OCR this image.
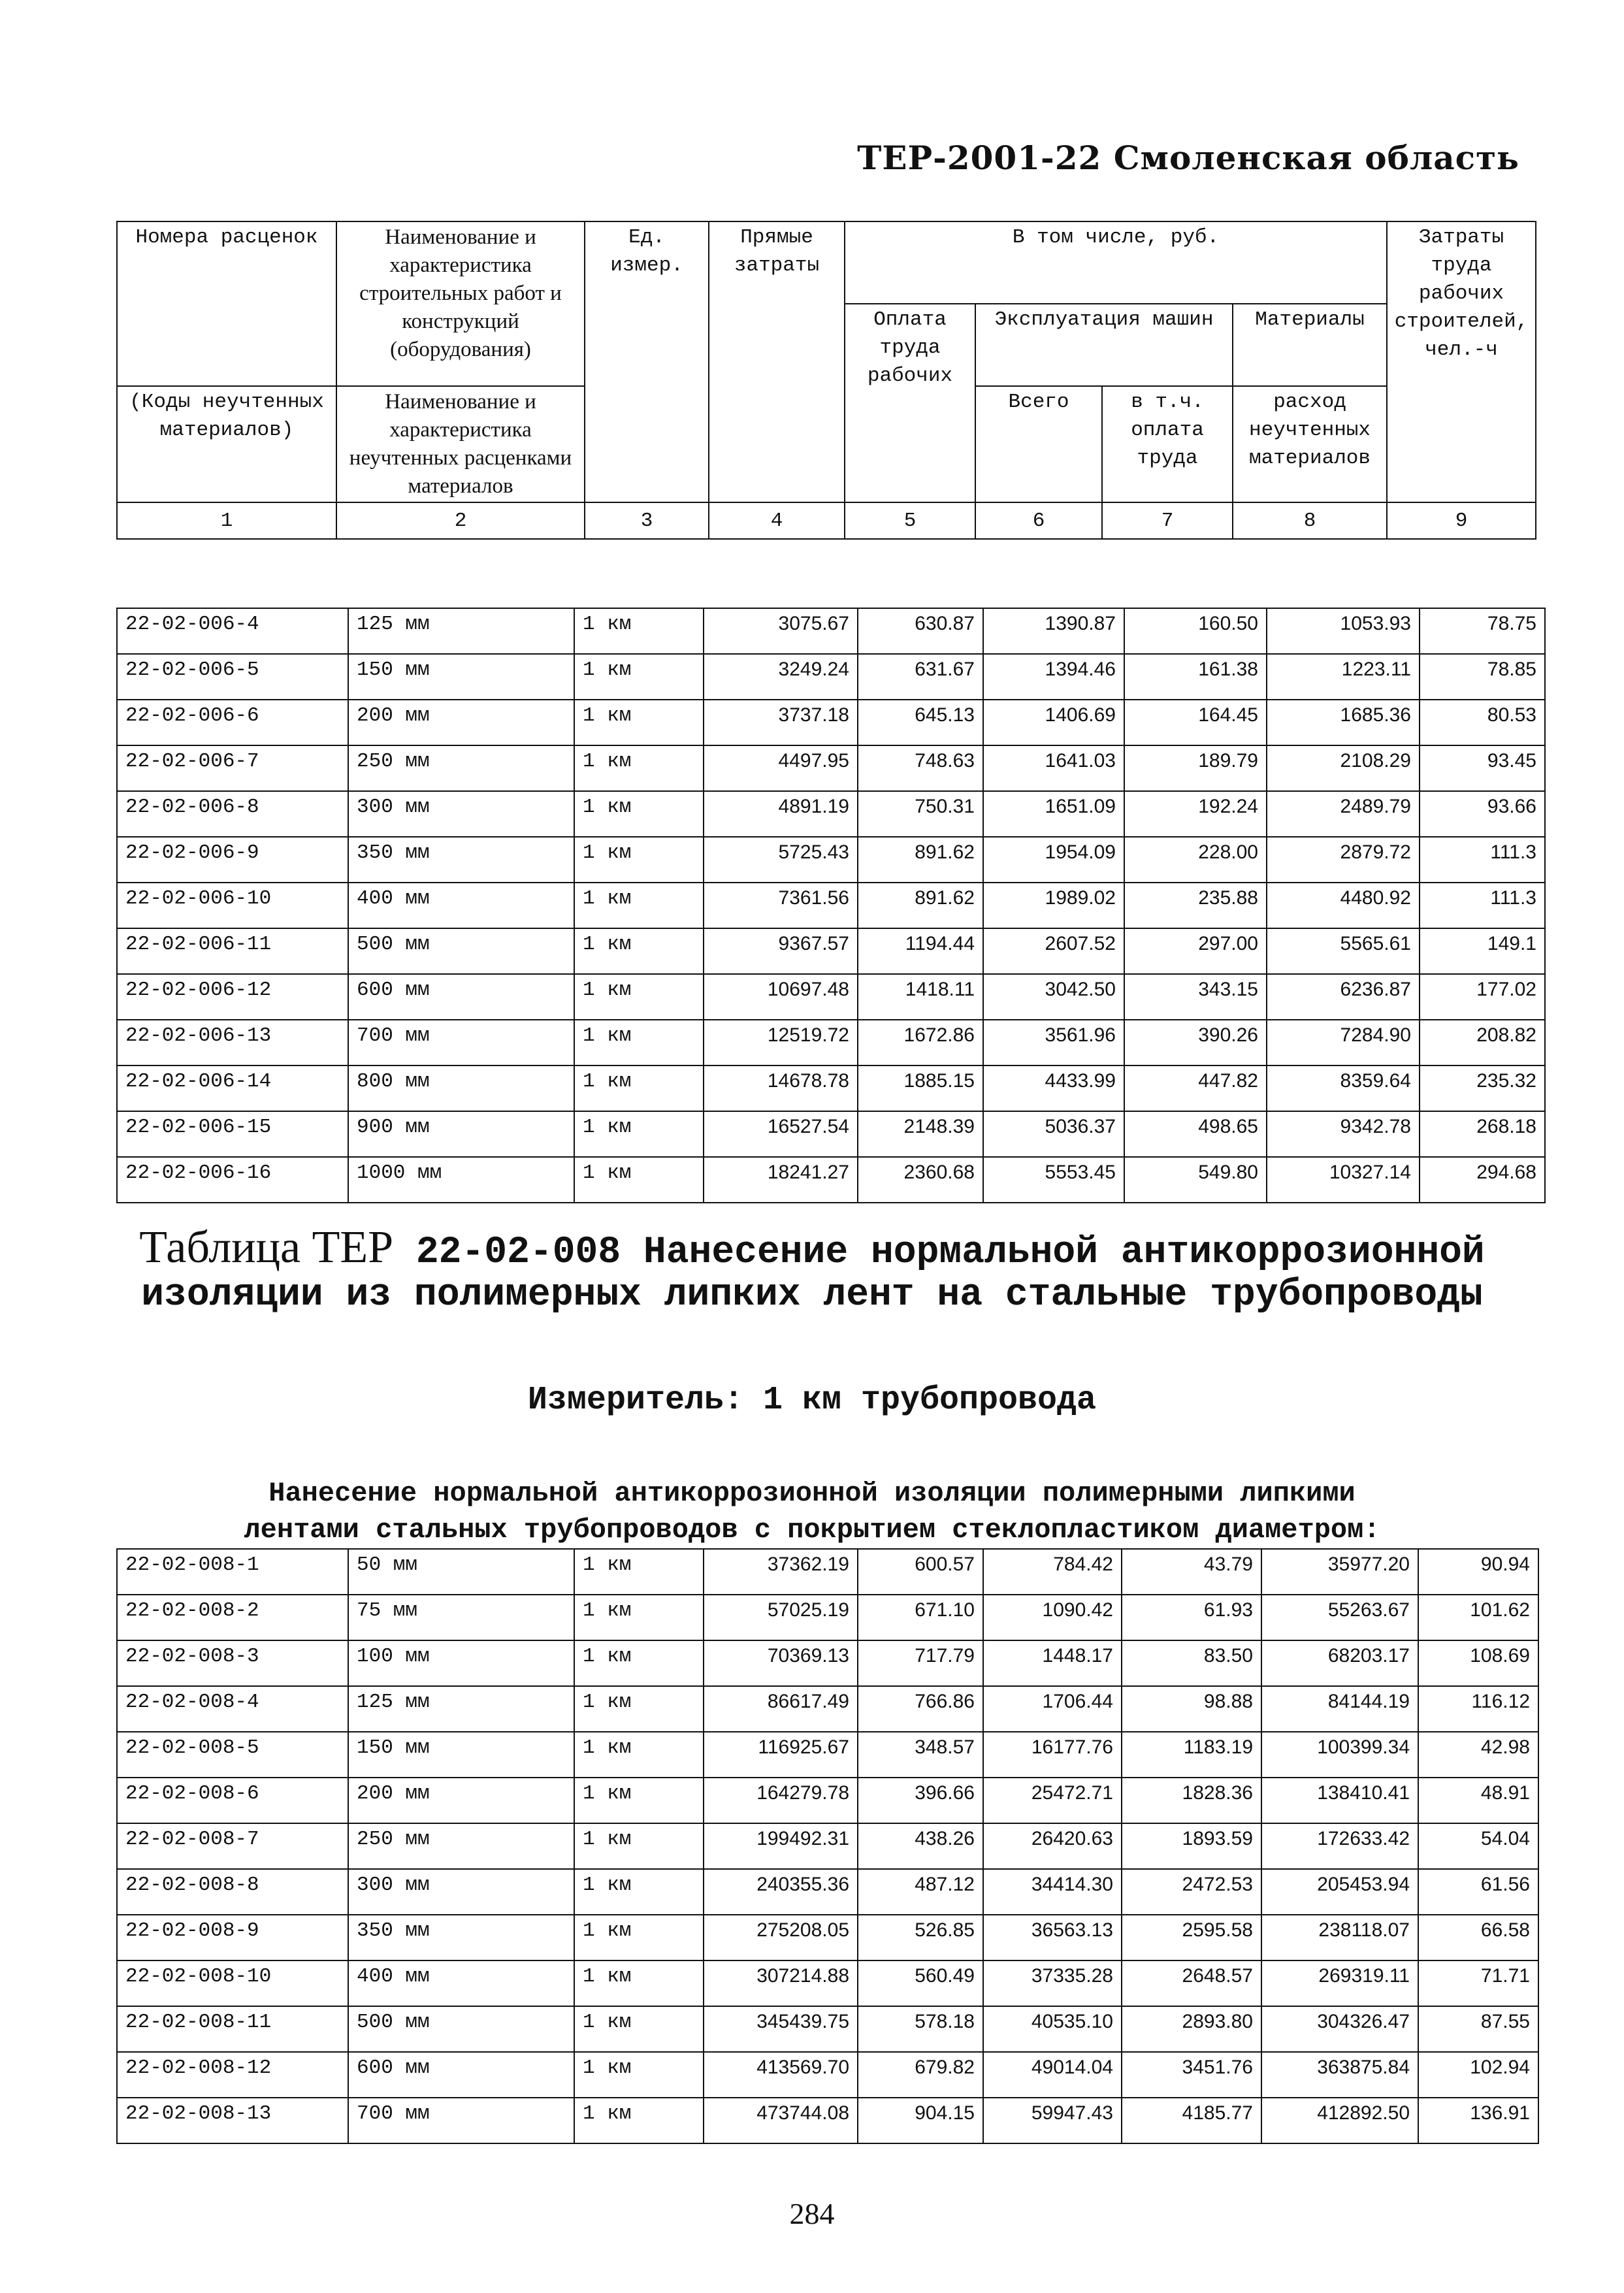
ТЕР-2001-22 Смоленская область
Номера расценок	Наименование и характеристика строительных работ и конструкций (оборудования)	Ед. измер.	Прямые затраты	В том числе, руб.				Затраты труда рабочих строителей, чел.-ч	
				Оплата труда рабочих	Эксплуатация машин		Материалы		
(Коды неучтенных материалов)	Наименование и характеристика неучтенных расценками материалов				Всего	в т.ч. оплата труда	расход неучтенных материалов		

1	2	3	4	5	6	7	8	9	
22-02-006-4	125 мм	1 км	3075.67	630.87	1390.87	160.50	1053.93	78.75
22-02-006-5	150 мм	1 км	3249.24	631.67	1394.46	161.38	1223.11	78.85
22-02-006-6	200 мм	1 км	3737.18	645.13	1406.69	164.45	1685.36	80.53
22-02-006-7	250 мм	1 км	4497.95	748.63	1641.03	189.79	2108.29	93.45
22-02-006-8	300 мм	1 км	4891.19	750.31	1651.09	192.24	2489.79	93.66
22-02-006-9	350 мм	1 км	5725.43	891.62	1954.09	228.00	2879.72	111.3
22-02-006-10	400 мм	1 км	7361.56	891.62	1989.02	235.88	4480.92	111.3
22-02-006-11	500 мм	1 км	9367.57	1194.44	2607.52	297.00	5565.61	149.1
22-02-006-12	600 мм	1 км	10697.48	1418.11	3042.50	343.15	6236.87	177.02
22-02-006-13	700 мм	1 км	12519.72	1672.86	3561.96	390.26	7284.90	208.82
22-02-006-14	800 мм	1 км	14678.78	1885.15	4433.99	447.82	8359.64	235.32
22-02-006-15	900 мм	1 км	16527.54	2148.39	5036.37	498.65	9342.78	268.18
22-02-006-16	1000 мм	1 км	18241.27	2360.68	5553.45	549.80	10327.14	294.68
Таблица ТЕР 22-02-008 Нанесение нормальной антикоррозионной
изоляции из полимерных липких лент на стальные трубопроводы
Измеритель: 1 км трубопровода
Нанесение нормальной антикоррозионной изоляции полимерными липкими
лентами стальных трубопроводов с покрытием стеклопластиком диаметром:
22-02-008-1	50 мм	1 км	37362.19	600.57	784.42	43.79	35977.20	90.94
22-02-008-2	75 мм	1 км	57025.19	671.10	1090.42	61.93	55263.67	101.62
22-02-008-3	100 мм	1 км	70369.13	717.79	1448.17	83.50	68203.17	108.69
22-02-008-4	125 мм	1 км	86617.49	766.86	1706.44	98.88	84144.19	116.12
22-02-008-5	150 мм	1 км	116925.67	348.57	16177.76	1183.19	100399.34	42.98
22-02-008-6	200 мм	1 км	164279.78	396.66	25472.71	1828.36	138410.41	48.91
22-02-008-7	250 мм	1 км	199492.31	438.26	26420.63	1893.59	172633.42	54.04
22-02-008-8	300 мм	1 км	240355.36	487.12	34414.30	2472.53	205453.94	61.56
22-02-008-9	350 мм	1 км	275208.05	526.85	36563.13	2595.58	238118.07	66.58
22-02-008-10	400 мм	1 км	307214.88	560.49	37335.28	2648.57	269319.11	71.71
22-02-008-11	500 мм	1 км	345439.75	578.18	40535.10	2893.80	304326.47	87.55
22-02-008-12	600 мм	1 км	413569.70	679.82	49014.04	3451.76	363875.84	102.94
22-02-008-13	700 мм	1 км	473744.08	904.15	59947.43	4185.77	412892.50	136.91
284
